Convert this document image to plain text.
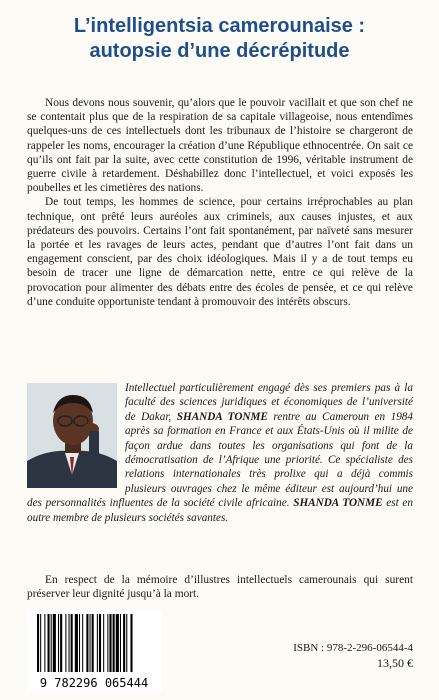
L’intelligentsia camerounaise :
autopsie d’une décrépitude

Nous devons nous souvenir, qu’alors que le pouvoir vacillait et que son chef ne se contentait plus que de la respiration de sa capitale villageoise, nous entendîmes quelques-uns de ces intellectuels dont les tribunaux de l’histoire se chargeront de rappeler les noms, encourager la création d’une République ethnocentrée. On sait ce qu’ils ont fait par la suite, avec cette constitution de 1996, véritable instrument de guerre civile à retardement. Déshabillez donc l’intellectuel, et voici exposés les poubelles et les cimetières des nations.

De tout temps, les hommes de science, pour certains irréprochables au plan technique, ont prêté leurs auréoles aux criminels, aux causes injustes, et aux prédateurs des pouvoirs. Certains l’ont fait spontanément, par naïveté sans mesurer la portée et les ravages de leurs actes, pendant que d’autres l’ont fait dans un engagement conscient, par des choix idéologiques. Mais il y a de tout temps eu besoin de tracer une ligne de démarcation nette, entre ce qui relève de la provocation pour alimenter des débats entre des écoles de pensée, et ce qui relève d’une conduite opportuniste tendant à promouvoir des intérêts obscurs.

Intellectuel particulièrement engagé dès ses premiers pas à la faculté des sciences juridiques et économiques de l’université de Dakar, SHANDA TONME rentre au Cameroun en 1984 après sa formation en France et aux États-Unis où il milite de façon ardue dans toutes les organisations qui font de la démocratisation de l’Afrique une priorité. Ce spécialiste des relations internationales très prolixe qui a déjà commis plusieurs ouvrages chez le même éditeur est aujourd’hui une des personnalités influentes de la société civile africaine. SHANDA TONME est en outre membre de plusieurs sociétés savantes.

En respect de la mémoire d’illustres intellectuels camerounais qui surent préserver leur dignité jusqu’à la mort.

9 782296 065444
ISBN : 978-2-296-06544-4
13,50 €
